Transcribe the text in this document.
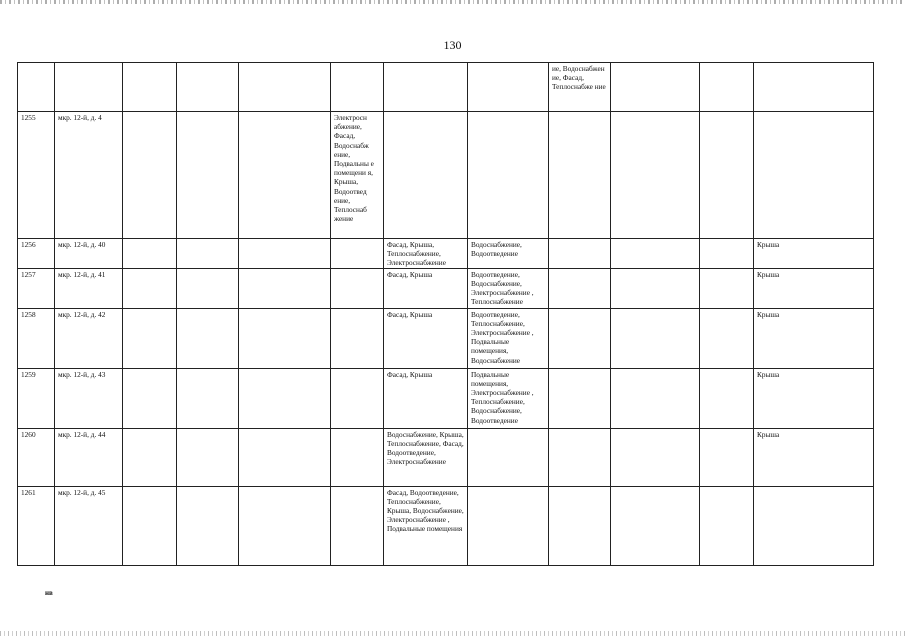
130
								ие, Водоснабжен ие, Фасад, Теплоснабже ние			
1255	мкр. 12-й, д. 4				Электросн абжение, Фасад, Водоснабж ение, Подвальны е помещени я, Крыша, Водоотвед ение, Теплоснаб жение						
1256	мкр. 12-й, д. 40					Фасад, Крыша, Теплоснабжение, Электроснабжение	Водоснабжение, Водоотведение				Крыша
1257	мкр. 12-й, д. 41					Фасад, Крыша	Водоотведение, Водоснабжение, Электроснабжение , Теплоснабжение				Крыша
1258	мкр. 12-й, д. 42					Фасад, Крыша	Водоотведение, Теплоснабжение, Электроснабжение , Подвальные помещения, Водоснабжение				Крыша
1259	мкр. 12-й, д. 43					Фасад, Крыша	Подвальные помещения, Электроснабжение , Теплоснабжение, Водоснабжение, Водоотведение				Крыша
1260	мкр. 12-й, д. 44					Водоснабжение, Крыша, Теплоснабжение, Фасад, Водоотведение, Электроснабжение					Крыша
1261	мкр. 12-й, д. 45					Фасад, Водоотведение, Теплоснабжение, Крыша, Водоснабжение, Электроснабжение , Подвальные помещения					
нв
